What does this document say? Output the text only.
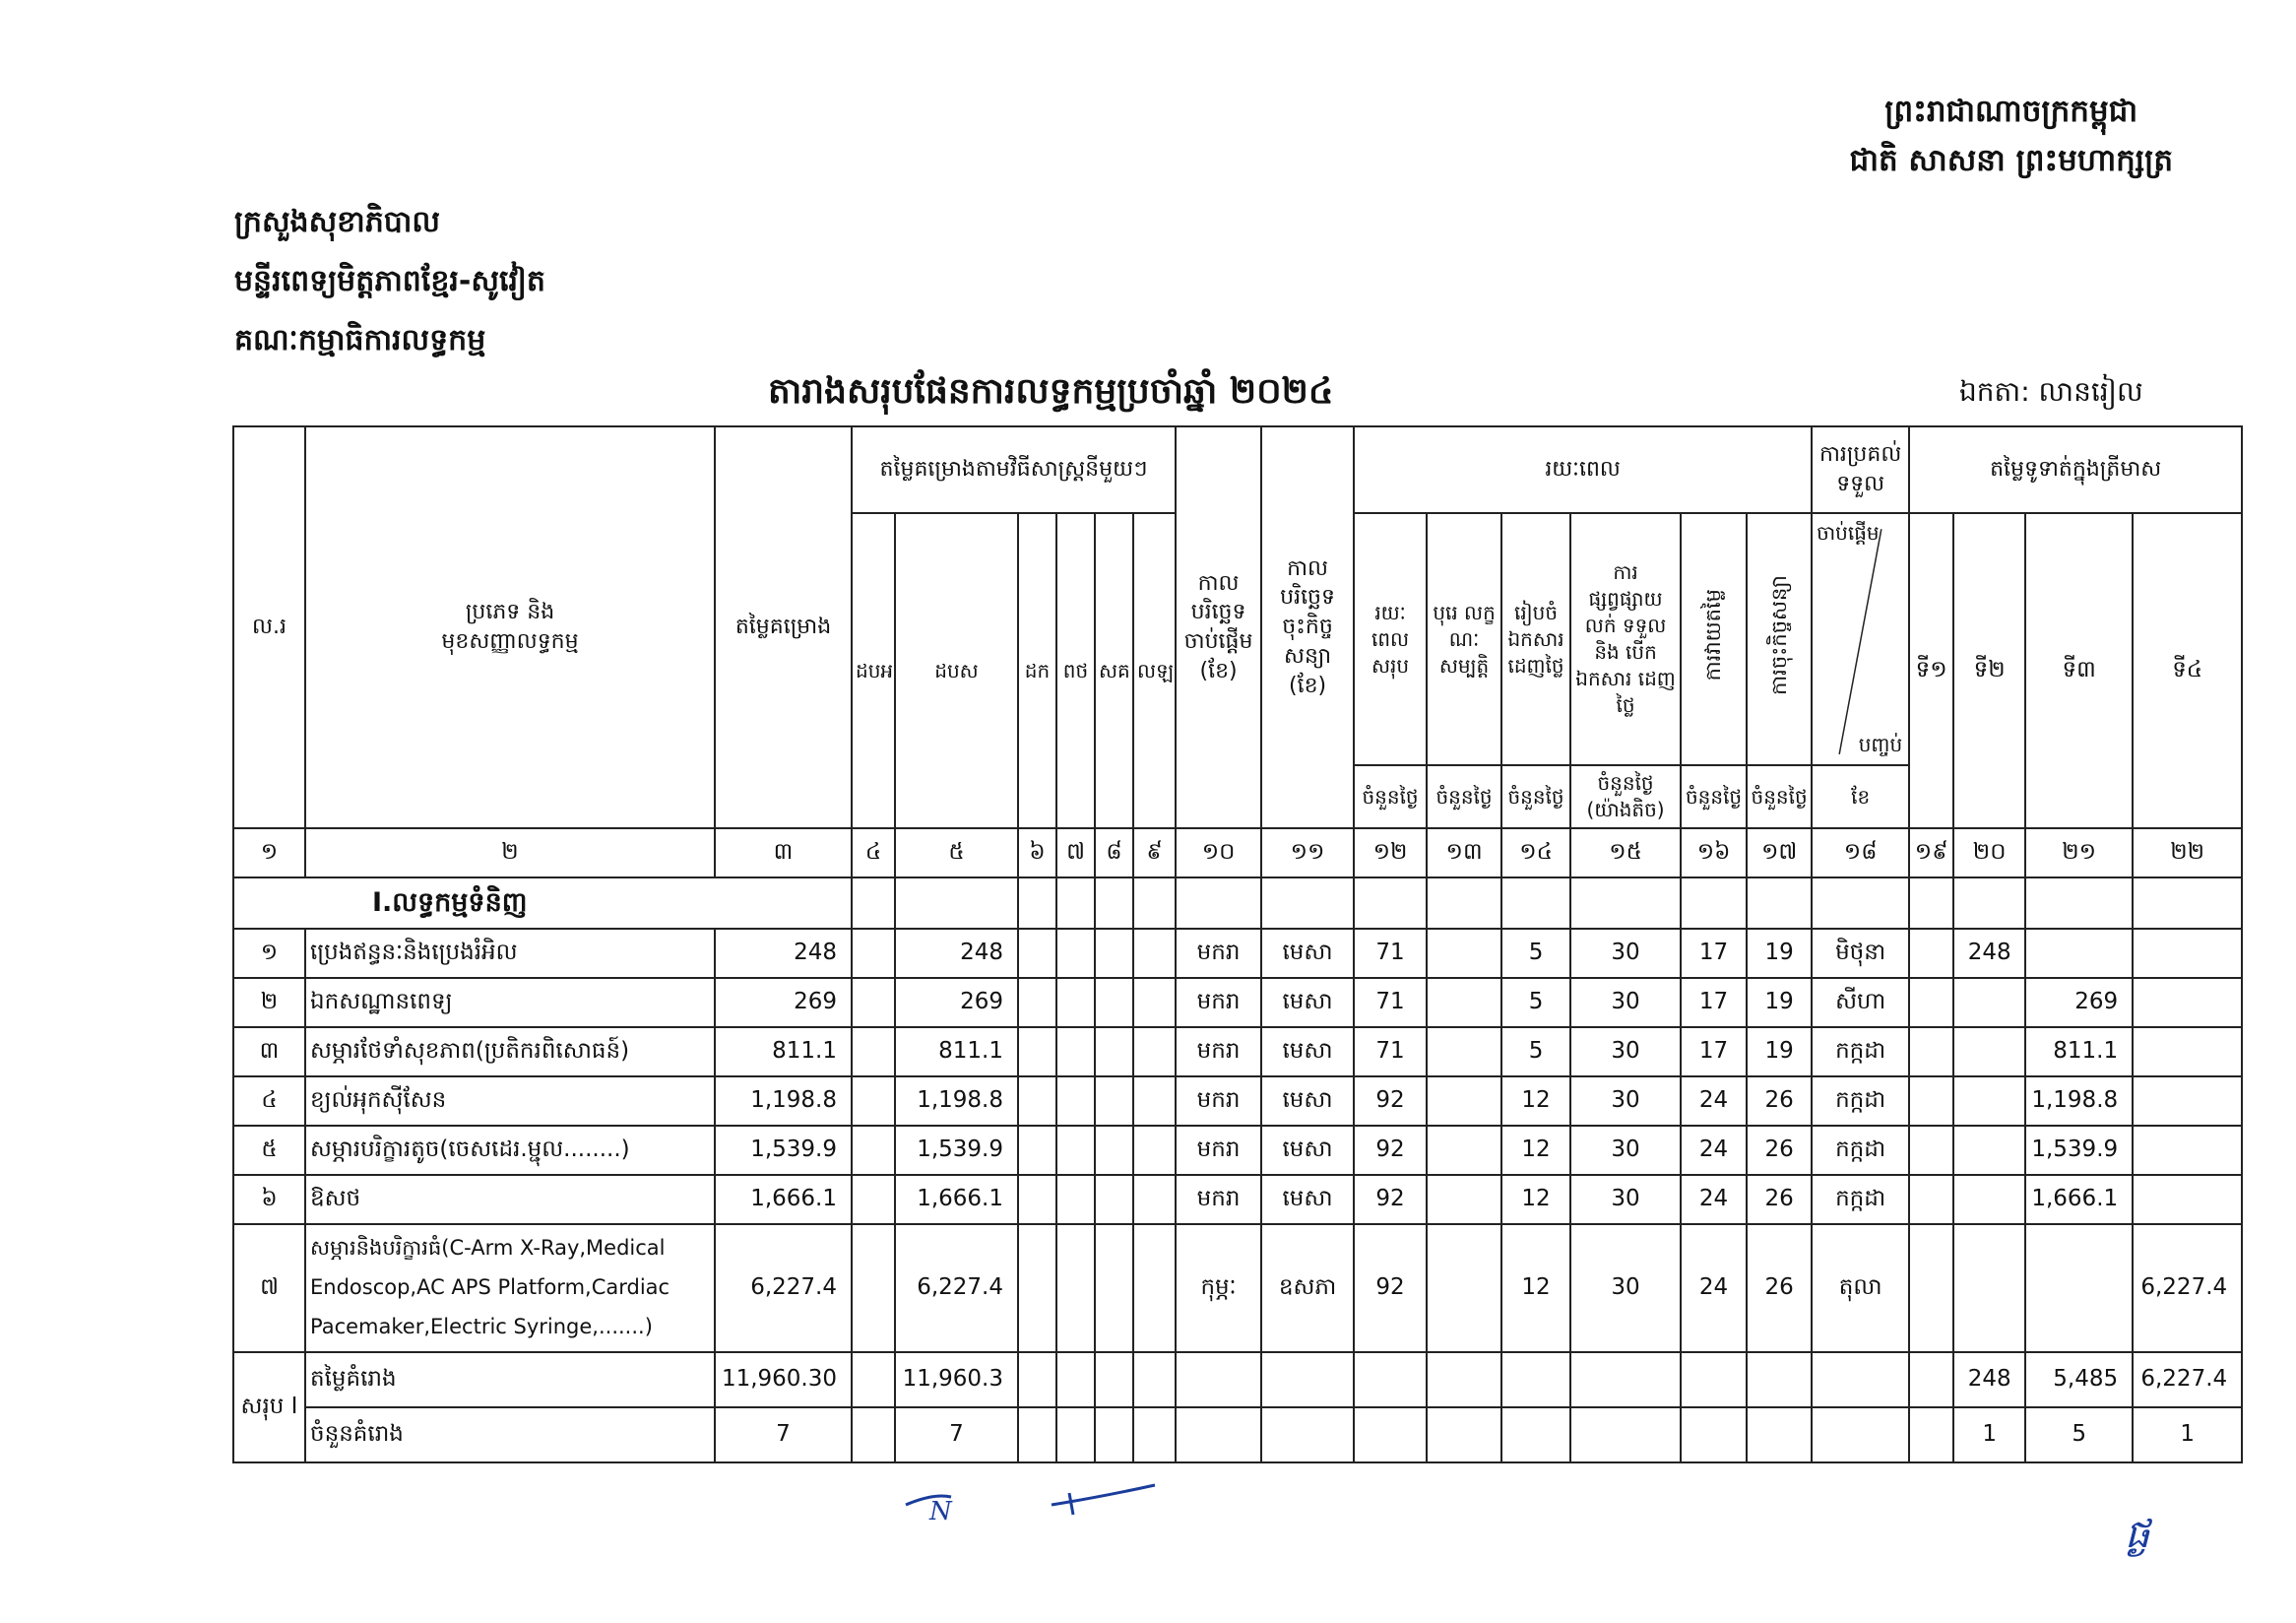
ព្រះរាជាណាចក្រកម្ពុជា
ជាតិ សាសនា ព្រះមហាក្សត្រ
ក្រសួងសុខាភិបាល
មន្ទីរពេទ្យមិត្តភាពខ្មែរ-សូវៀត
គណៈកម្មាធិការលទ្ធកម្ម
តារាងសរុបផែនការលទ្ធកម្មប្រចាំឆ្នាំ ២០២៤	ឯកតា: លានរៀល
ល.រ	ប្រភេទ និង
មុខសញ្ញាលទ្ធកម្ម	តម្លៃគម្រោង	តម្លៃគម្រោងតាមវិធីសាស្ត្រនីមួយៗ						កាល បរិច្ឆេទ ចាប់ផ្ដើម (ខែ)	កាល បរិច្ឆេទ ចុះកិច្ច សន្យា (ខែ)	រយៈពេល						ការប្រគល់ ទទួល	តម្លៃទូទាត់ក្នុងត្រីមាស			
			ដបអ	ដបស	ដក	ពថ	សគ	លឡ			រយៈ ពេល សរុប	បុរេ លក្ខ ណៈ សម្បត្តិ	រៀបចំ ឯកសារ ដេញថ្លៃ	ការ ផ្សព្វផ្សាយ លក់ ទទួល និង បើកឯកសារ ដេញថ្លៃ	ការវាយតម្លៃ	ការចុះកិច្ចសន្យា	ចាប់ផ្ដើម
បញ្ចប់	ទី១	ទី២	ទី៣	ទី៤
											ចំនួនថ្ងៃ	ចំនួនថ្ងៃ	ចំនួនថ្ងៃ	ចំនួនថ្ងៃ (យ៉ាងតិច)	ចំនួនថ្ងៃ	ចំនួនថ្ងៃ	ខែ				

១	២	៣	៤	៥	៦	៧	៨	៩	១០	១១	១២	១៣	១៤	១៥	១៦	១៧	១៨	១៩	២០	២១	២២
I.លទ្ធកម្មទំនិញ																					
១	ប្រេងឥន្ធនៈនិងប្រេងរំអិល	248		248					មករា	មេសា	71		5	30	17	19	មិថុនា		248		
២	ឯកសណ្ឋានពេទ្យ	269		269					មករា	មេសា	71		5	30	17	19	សីហា			269	
៣	សម្ភារថែទាំសុខភាព(ប្រតិករពិសោធន៍)	811.1		811.1					មករា	មេសា	71		5	30	17	19	កក្កដា			811.1	
៤	ខ្យល់អុកស៊ីសែន	1,198.8		1,198.8					មករា	មេសា	92		12	30	24	26	កក្កដា			1,198.8	
៥	សម្ភារបរិក្ខារតូច(ចេសដេរ.ម្ជុល........)	1,539.9		1,539.9					មករា	មេសា	92		12	30	24	26	កក្កដា			1,539.9	
៦	ឱសថ	1,666.1		1,666.1					មករា	មេសា	92		12	30	24	26	កក្កដា			1,666.1	
៧	សម្ភារនិងបរិក្ខារធំ(C-Arm X-Ray,Medical
Endoscop,AC APS Platform,Cardiac
Pacemaker,Electric Syringe,.......)	6,227.4		6,227.4					កុម្ភៈ	ឧសភា	92		12	30	24	26	តុលា				6,227.4
សរុប I	តម្លៃគំរោង	11,960.30		11,960.3															248	5,485	6,227.4
	ចំនួនគំរោង	7		7															1	5	1
N	ផ្ង
